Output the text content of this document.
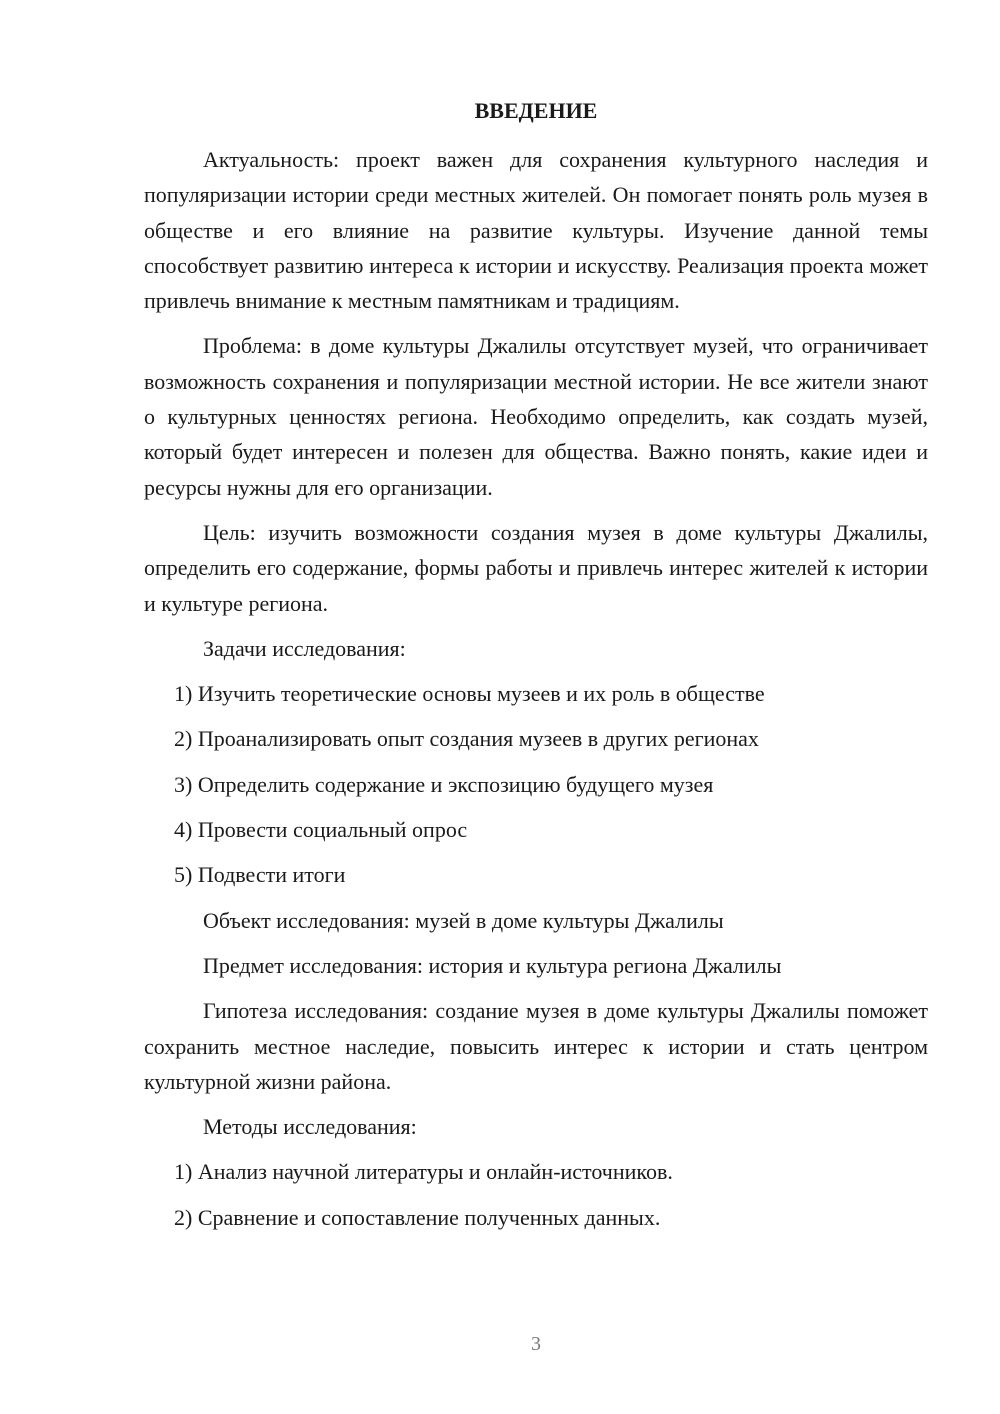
ВВЕДЕНИЕ

Актуальность: проект важен для сохранения культурного наследия и популяризации истории среди местных жителей. Он помогает понять роль музея в обществе и его влияние на развитие культуры. Изучение данной темы способствует развитию интереса к истории и искусству. Реализация проекта может привлечь внимание к местным памятникам и традициям.

Проблема: в доме культуры Джалилы отсутствует музей, что ограничивает возможность сохранения и популяризации местной истории. Не все жители знают о культурных ценностях региона. Необходимо определить, как создать музей, который будет интересен и полезен для общества. Важно понять, какие идеи и ресурсы нужны для его организации.

Цель: изучить возможности создания музея в доме культуры Джалилы, определить его содержание, формы работы и привлечь интерес жителей к истории и культуре региона.

Задачи исследования:

1) Изучить теоретические основы музеев и их роль в обществе

2) Проанализировать опыт создания музеев в других регионах

3) Определить содержание и экспозицию будущего музея

4) Провести социальный опрос

5) Подвести итоги

Объект исследования: музей в доме культуры Джалилы

Предмет исследования: история и культура региона Джалилы

Гипотеза исследования: создание музея в доме культуры Джалилы поможет сохранить местное наследие, повысить интерес к истории и стать центром культурной жизни района.

Методы исследования:

1) Анализ научной литературы и онлайн-источников.

2) Сравнение и сопоставление полученных данных.

3
